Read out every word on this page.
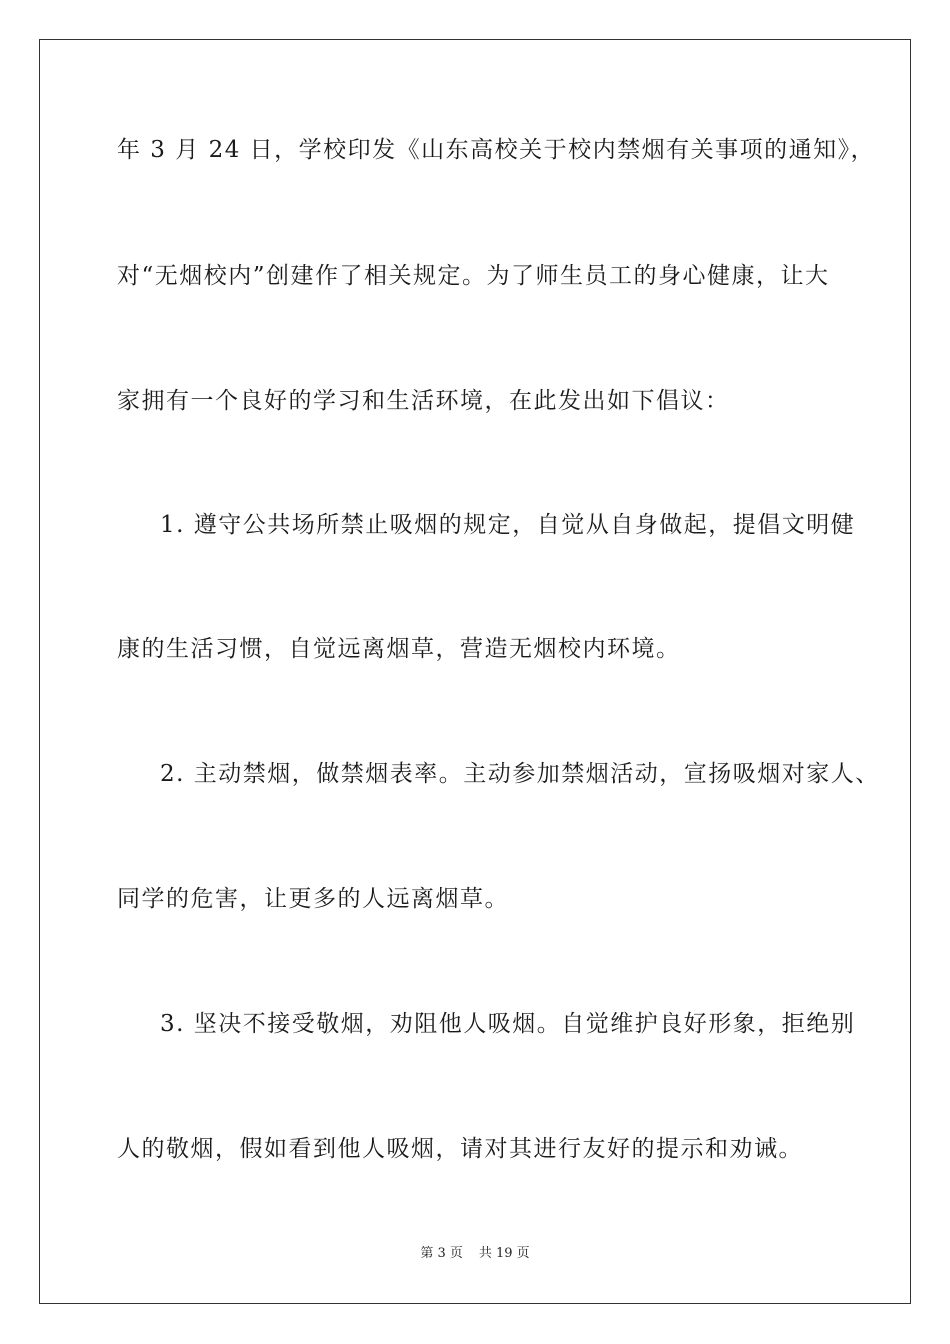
年 3 月 24 日，学校印发《山东高校关于校内禁烟有关事项的通知》，
对“无烟校内”创建作了相关规定。为了师生员工的身心健康，让大
家拥有一个良好的学习和生活环境，在此发出如下倡议：
1. 遵守公共场所禁止吸烟的规定，自觉从自身做起，提倡文明健
康的生活习惯，自觉远离烟草，营造无烟校内环境。
2. 主动禁烟，做禁烟表率。主动参加禁烟活动，宣扬吸烟对家人、
同学的危害，让更多的人远离烟草。
3. 坚决不接受敬烟，劝阻他人吸烟。自觉维护良好形象，拒绝别
人的敬烟，假如看到他人吸烟，请对其进行友好的提示和劝诫。
第 3 页 共 19 页
